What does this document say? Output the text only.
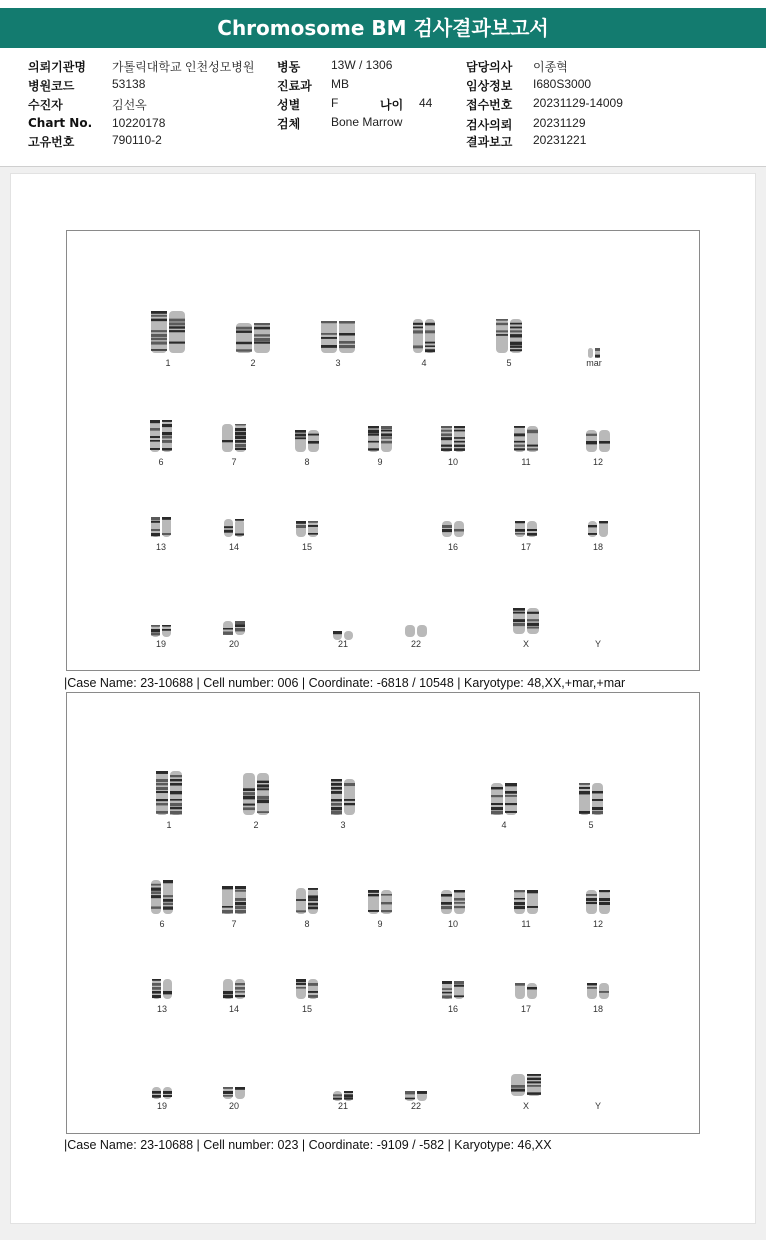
Chromosome BM 검사결과보고서
의뢰기관명 가톨릭대학교 인천성모병원
병원코드	53138
수진자	김선옥
Chart No. 10220178
고유번호	790110-2
병동	13W / 1306
진료과 MB
성별	F	나이 44
검체	Bone Marrow
담당의사 이종혁
임상정보 I680S3000
접수번호 20231129-14009
검사의뢰 20231129
결과보고 20231221
1	2	3	4	5	mar
6	7	8	9	10	11	12
13	14	15	16	17	18
19	20	21	22	X	Y
|Case Name: 23-10688 | Cell number: 006 | Coordinate: -6818 / 10548 | Karyotype: 48,XX,+mar,+mar
1	2	3	4	5
6	7	8	9	10	11	12
13	14	15	16	17	18
19	20	21	22	X	Y
|Case Name: 23-10688 | Cell number: 023 | Coordinate: -9109 / -582 | Karyotype: 46,XX
